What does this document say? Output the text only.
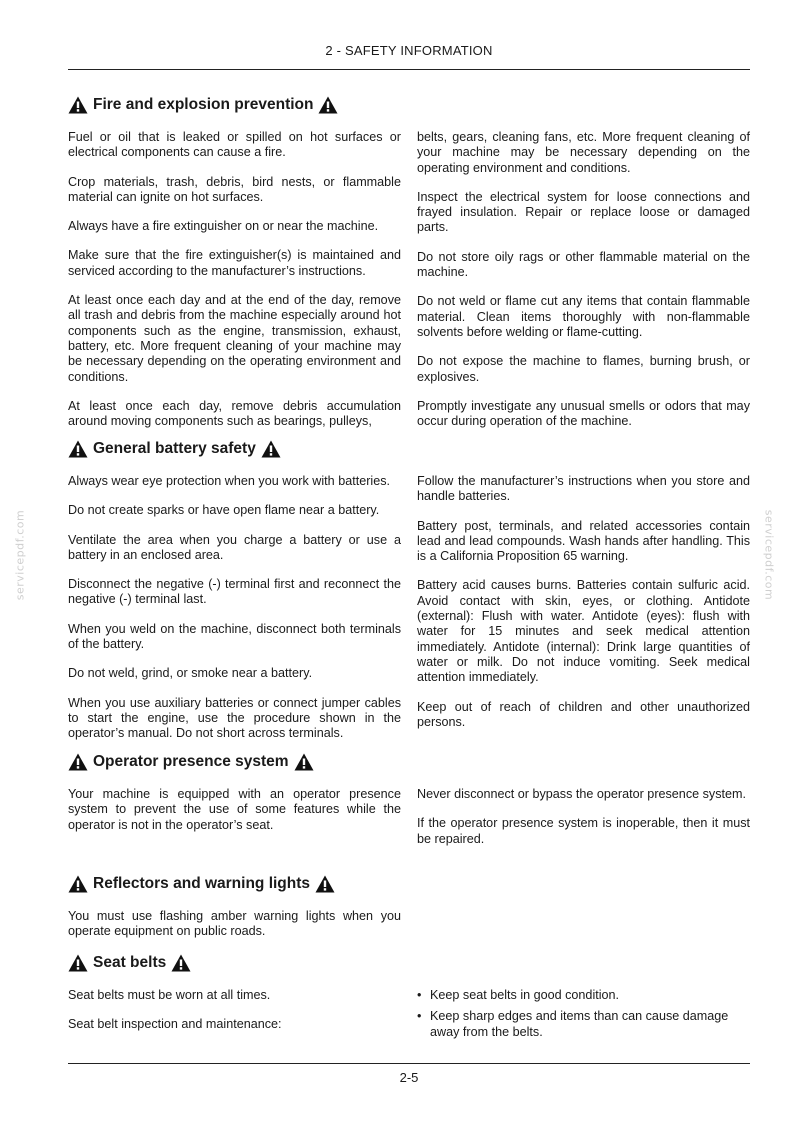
2 - SAFETY INFORMATION
servicepdf.com	servicepdf.com
Fire and explosion prevention

Fuel or oil that is leaked or spilled on hot surfaces or electrical components can cause a fire.

Crop materials, trash, debris, bird nests, or flammable material can ignite on hot surfaces.

Always have a fire extinguisher on or near the machine.

Make sure that the fire extinguisher(s) is maintained and serviced according to the manufacturer’s instructions.

At least once each day and at the end of the day, remove all trash and debris from the machine especially around hot components such as the engine, transmission, exhaust, battery, etc. More frequent cleaning of your machine may be necessary depending on the operating environment and conditions.

At least once each day, remove debris accumulation around moving components such as bearings, pulleys,

belts, gears, cleaning fans, etc. More frequent cleaning of your machine may be necessary depending on the operating environment and conditions.

Inspect the electrical system for loose connections and frayed insulation. Repair or replace loose or damaged parts.

Do not store oily rags or other flammable material on the machine.

Do not weld or flame cut any items that contain flammable material. Clean items thoroughly with non-flammable solvents before welding or flame-cutting.

Do not expose the machine to flames, burning brush, or explosives.

Promptly investigate any unusual smells or odors that may occur during operation of the machine.

General battery safety

Always wear eye protection when you work with batteries.

Do not create sparks or have open flame near a battery.

Ventilate the area when you charge a battery or use a battery in an enclosed area.

Disconnect the negative (-) terminal first and reconnect the negative (-) terminal last.

When you weld on the machine, disconnect both terminals of the battery.

Do not weld, grind, or smoke near a battery.

When you use auxiliary batteries or connect jumper cables to start the engine, use the procedure shown in the operator’s manual. Do not short across terminals.

Follow the manufacturer’s instructions when you store and handle batteries.

Battery post, terminals, and related accessories contain lead and lead compounds. Wash hands after handling. This is a California Proposition 65 warning.

Battery acid causes burns. Batteries contain sulfuric acid. Avoid contact with skin, eyes, or clothing. Antidote (external): Flush with water. Antidote (eyes): flush with water for 15 minutes and seek medical attention immediately. Antidote (internal): Drink large quantities of water or milk. Do not induce vomiting. Seek medical attention immediately.

Keep out of reach of children and other unauthorized persons.

Operator presence system

Your machine is equipped with an operator presence system to prevent the use of some features while the operator is not in the operator’s seat.

Never disconnect or bypass the operator presence system.

If the operator presence system is inoperable, then it must be repaired.

Reflectors and warning lights

You must use flashing amber warning lights when you operate equipment on public roads.

Seat belts

Seat belts must be worn at all times.

Seat belt inspection and maintenance:

• Keep seat belts in good condition.
• Keep sharp edges and items than can cause damage away from the belts.
2-5
